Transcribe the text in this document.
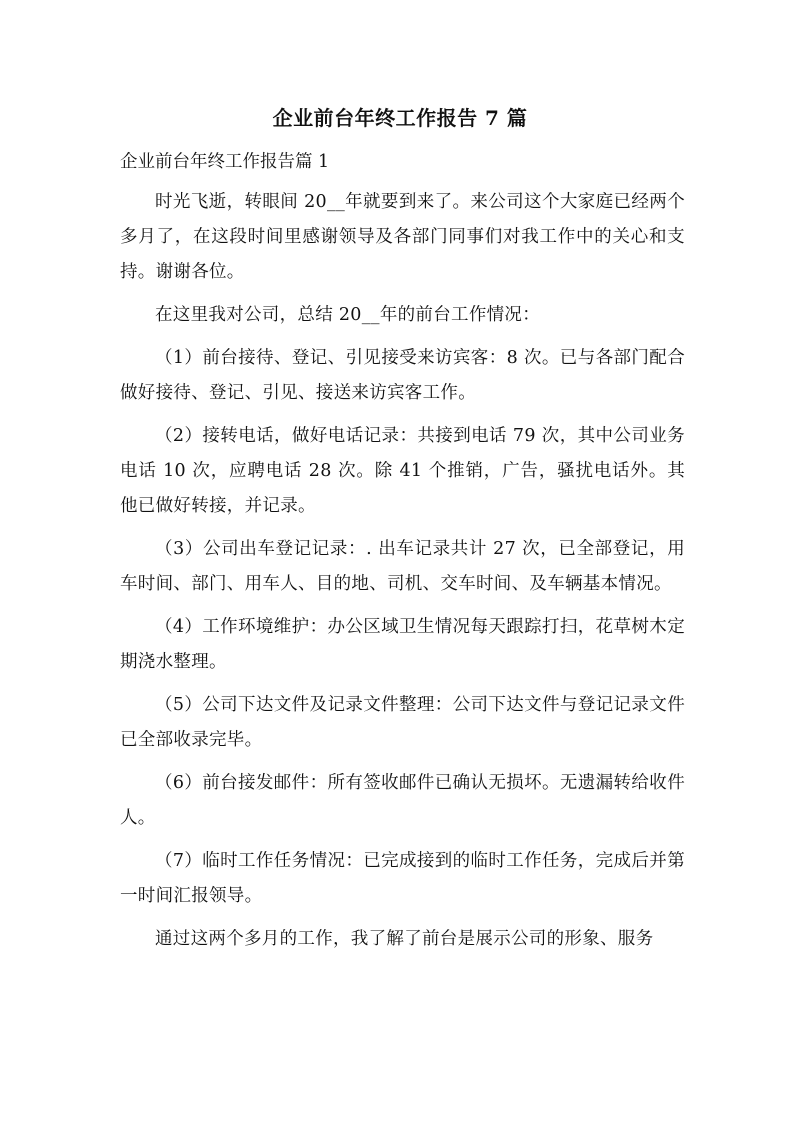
企业前台年终工作报告 7 篇

企业前台年终工作报告篇 1

时光飞逝，转眼间 20__年就要到来了。来公司这个大家庭已经两个多月了，在这段时间里感谢领导及各部门同事们对我工作中的关心和支持。谢谢各位。

在这里我对公司，总结 20__年的前台工作情况：

（1）前台接待、登记、引见接受来访宾客：8 次。已与各部门配合做好接待、登记、引见、接送来访宾客工作。

（2）接转电话，做好电话记录：共接到电话 79 次，其中公司业务电话 10 次，应聘电话 28 次。除 41 个推销，广告，骚扰电话外。其他已做好转接，并记录。

（3）公司出车登记记录：. 出车记录共计 27 次，已全部登记，用车时间、部门、用车人、目的地、司机、交车时间、及车辆基本情况。

（4）工作环境维护：办公区域卫生情况每天跟踪打扫，花草树木定期浇水整理。

（5）公司下达文件及记录文件整理：公司下达文件与登记记录文件已全部收录完毕。

（6）前台接发邮件：所有签收邮件已确认无损坏。无遗漏转给收件人。

（7）临时工作任务情况：已完成接到的临时工作任务，完成后并第一时间汇报领导。

通过这两个多月的工作，我了解了前台是展示公司的形象、服务
